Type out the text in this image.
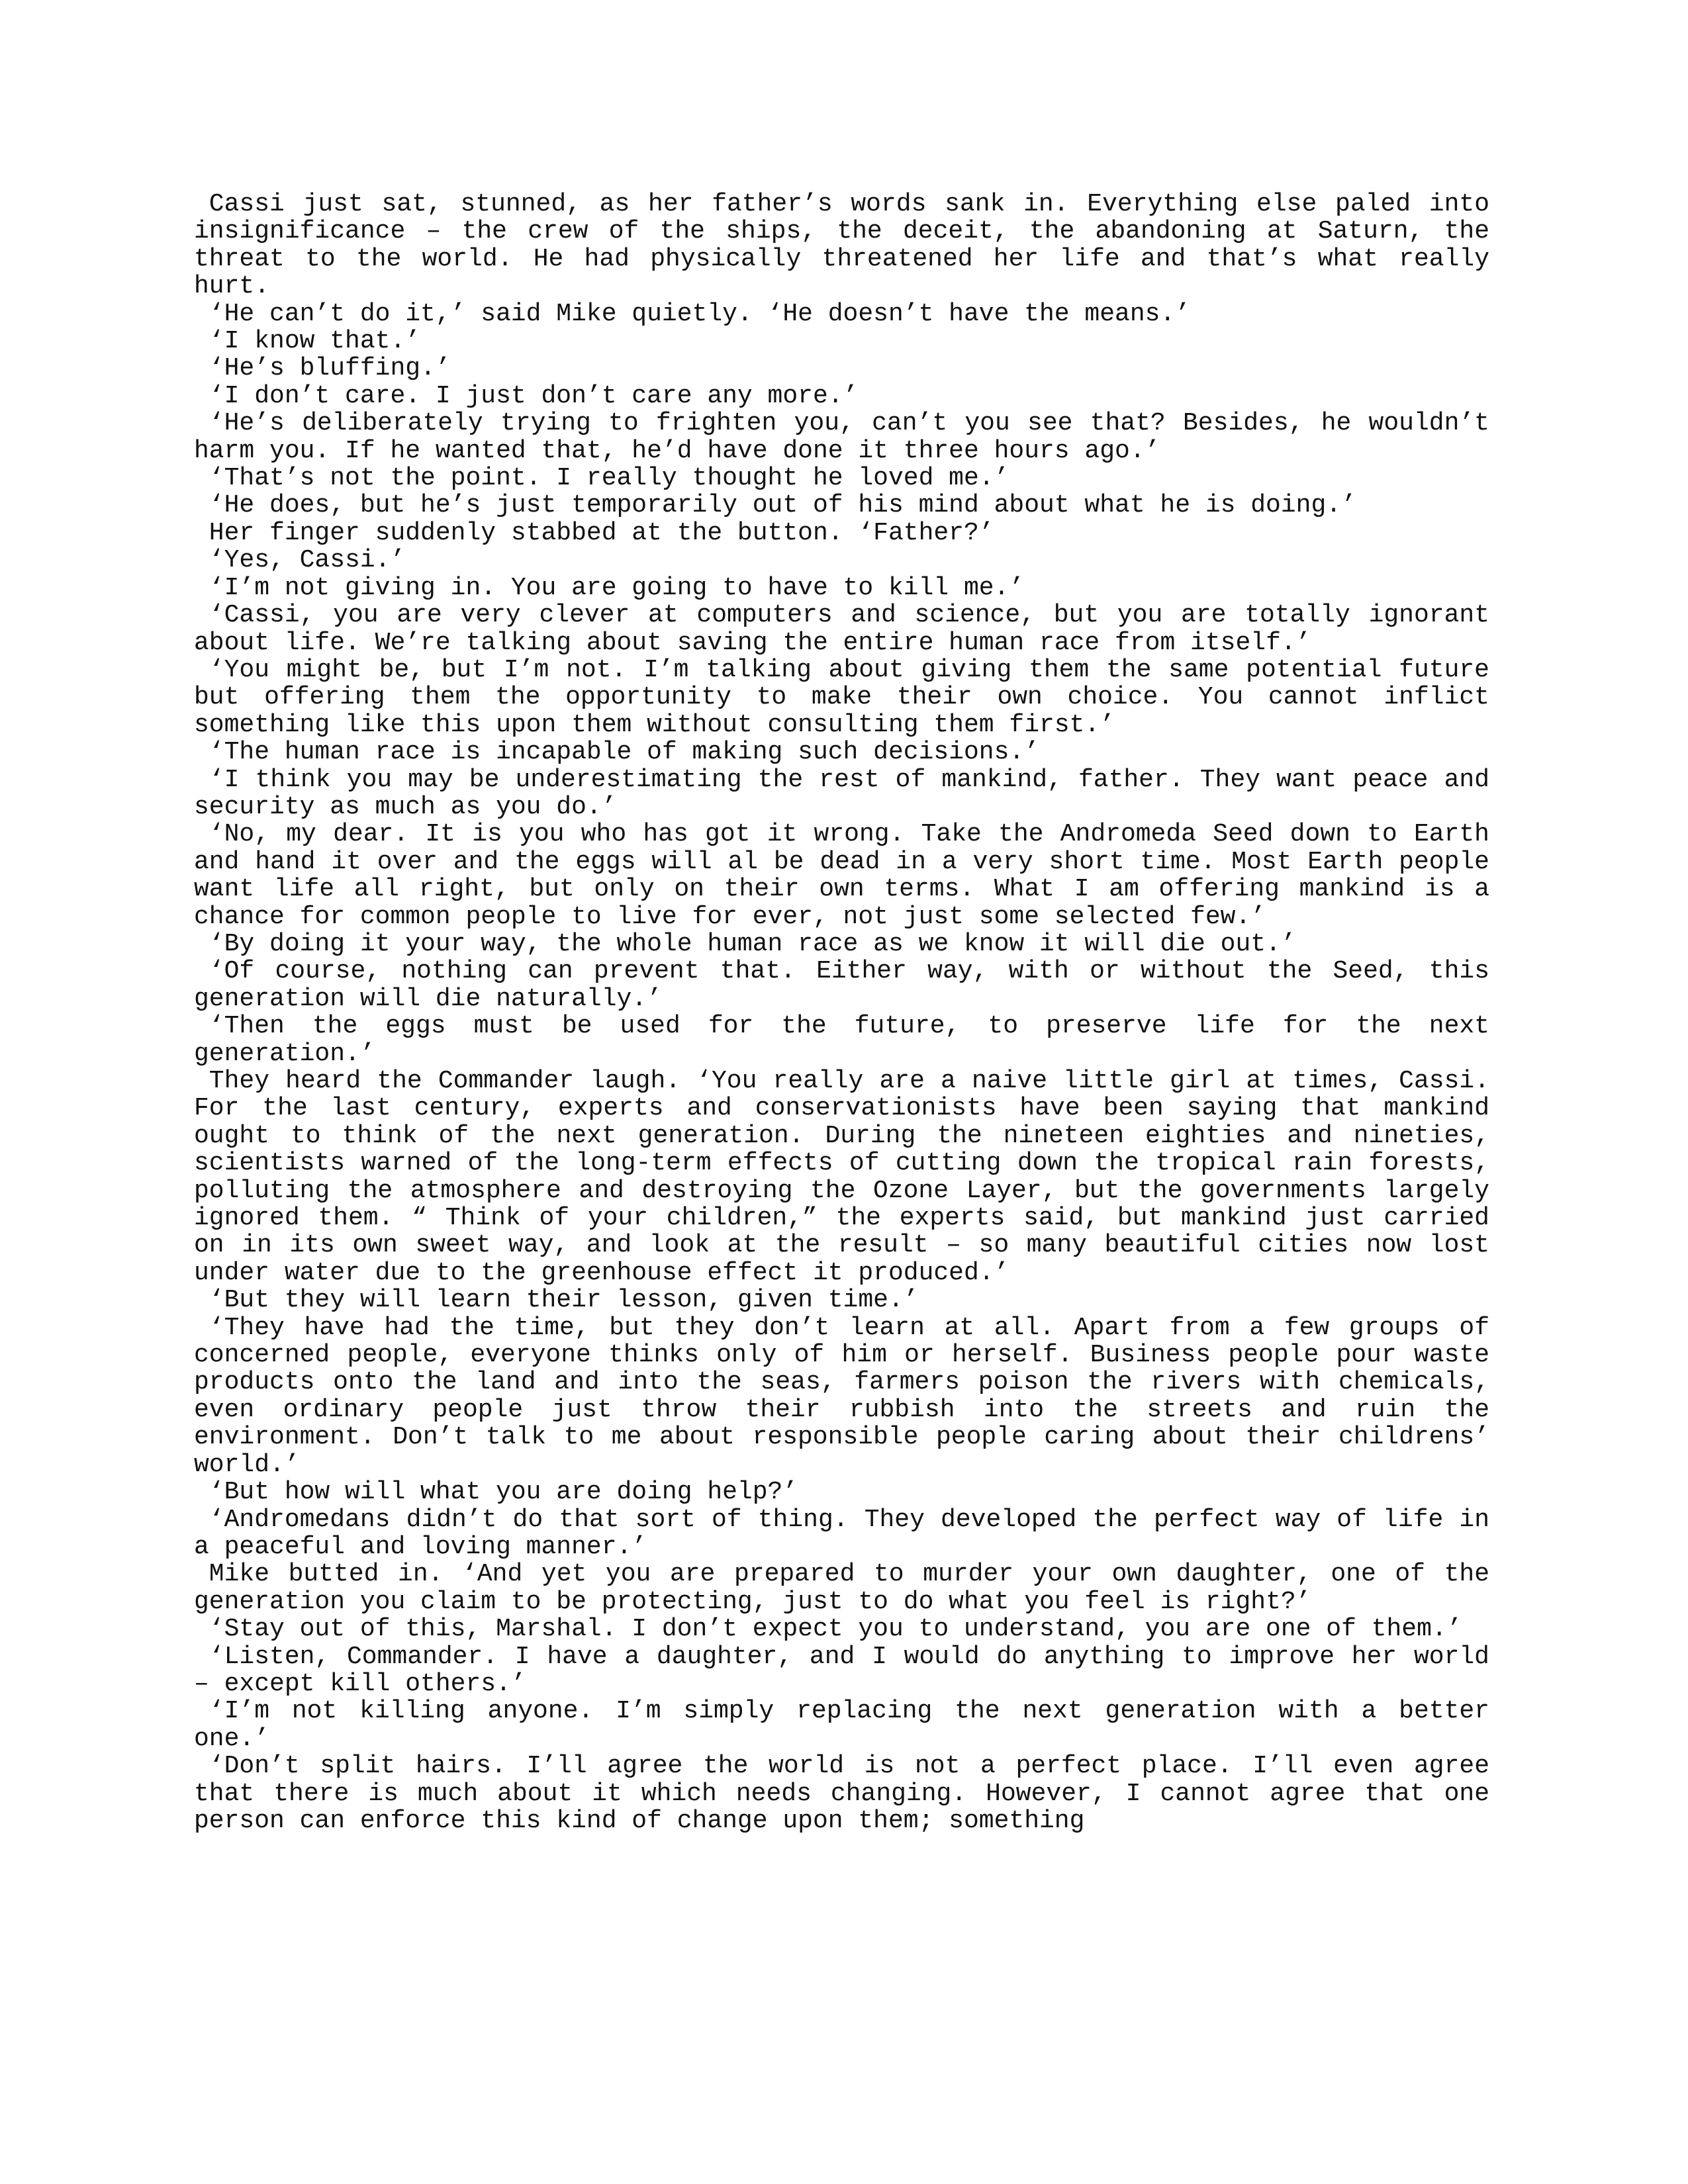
Cassi just sat, stunned, as her father’s words sank in. Everything else paled into insignificance – the crew of the ships, the deceit, the abandoning at Saturn, the threat to the world. He had physically threatened her life and that’s what really hurt.

‘He can’t do it,’ said Mike quietly. ‘He doesn’t have the means.’

‘I know that.’

‘He’s bluffing.’

‘I don’t care. I just don’t care any more.’

‘He’s deliberately trying to frighten you, can’t you see that? Besides, he wouldn’t harm you. If he wanted that, he’d have done it three hours ago.’

‘That’s not the point. I really thought he loved me.’

‘He does, but he’s just temporarily out of his mind about what he is doing.’

Her finger suddenly stabbed at the button. ‘Father?’

‘Yes, Cassi.’

‘I’m not giving in. You are going to have to kill me.’

‘Cassi, you are very clever at computers and science, but you are totally ignorant about life. We’re talking about saving the entire human race from itself.’

‘You might be, but I’m not. I’m talking about giving them the same potential future but offering them the opportunity to make their own choice. You cannot inflict something like this upon them without consulting them first.’

‘The human race is incapable of making such decisions.’

‘I think you may be underestimating the rest of mankind, father. They want peace and security as much as you do.’

‘No, my dear. It is you who has got it wrong. Take the Andromeda Seed down to Earth and hand it over and the eggs will al be dead in a very short time. Most Earth people want life all right, but only on their own terms. What I am offering mankind is a chance for common people to live for ever, not just some selected few.’

‘By doing it your way, the whole human race as we know it will die out.’

‘Of course, nothing can prevent that. Either way, with or without the Seed, this generation will die naturally.’

‘Then the eggs must be used for the future, to preserve life for the next generation.’

They heard the Commander laugh. ‘You really are a naive little girl at times, Cassi. For the last century, experts and conservationists have been saying that mankind ought to think of the next generation. During the nineteen eighties and nineties, scientists warned of the long-term effects of cutting down the tropical rain forests, polluting the atmosphere and destroying the Ozone Layer, but the governments largely ignored them. “ Think of your children,” the experts said, but mankind just carried on in its own sweet way, and look at the result – so many beautiful cities now lost under water due to the greenhouse effect it produced.’

‘But they will learn their lesson, given time.’

‘They have had the time, but they don’t learn at all. Apart from a few groups of concerned people, everyone thinks only of him or herself. Business people pour waste products onto the land and into the seas, farmers poison the rivers with chemicals, even ordinary people just throw their rubbish into the streets and ruin the environment. Don’t talk to me about responsible people caring about their childrens’ world.’

‘But how will what you are doing help?’

‘Andromedans didn’t do that sort of thing. They developed the perfect way of life in a peaceful and loving manner.’

Mike butted in. ‘And yet you are prepared to murder your own daughter, one of the generation you claim to be protecting, just to do what you feel is right?’

‘Stay out of this, Marshal. I don’t expect you to understand, you are one of them.’

‘Listen, Commander. I have a daughter, and I would do anything to improve her world – except kill others.’

‘I’m not killing anyone. I’m simply replacing the next generation with a better one.’

‘Don’t split hairs. I’ll agree the world is not a perfect place. I’ll even agree that there is much about it which needs changing. However, I cannot agree that one person can enforce this kind of change upon them; something
